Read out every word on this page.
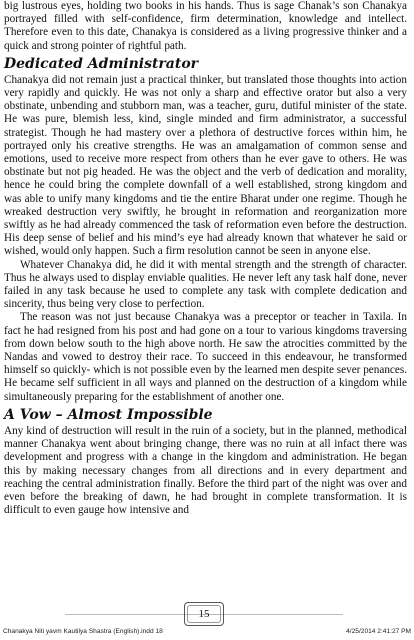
big lustrous eyes, holding two books in his hands. Thus is sage Chanak’s son Chanakya portrayed filled with self-confidence, firm determination, knowledge and intellect. Therefore even to this date, Chanakya is considered as a living progressive thinker and a quick and strong pointer of rightful path.

Dedicated Administrator

Chanakya did not remain just a practical thinker, but translated those thoughts into action very rapidly and quickly. He was not only a sharp and effective orator but also a very obstinate, unbending and stubborn man, was a teacher, guru, dutiful minister of the state. He was pure, blemish less, kind, single minded and firm administrator, a successful strategist. Though he had mastery over a plethora of destructive forces within him, he portrayed only his creative strengths. He was an amalgamation of common sense and emotions, used to receive more respect from others than he ever gave to others. He was obstinate but not pig headed. He was the object and the verb of dedication and morality, hence he could bring the complete downfall of a well established, strong kingdom and was able to unify many kingdoms and tie the entire Bharat under one regime. Though he wreaked destruction very swiftly, he brought in reformation and reorganization more swiftly as he had already commenced the task of reformation even before the destruction. His deep sense of belief and his mind’s eye had already known that whatever he said or wished, would only happen. Such a firm resolution cannot be seen in anyone else.

Whatever Chanakya did, he did it with mental strength and the strength of character. Thus he always used to display enviable qualities. He never left any task half done, never failed in any task because he used to complete any task with complete dedication and sincerity, thus being very close to perfection.

The reason was not just because Chanakya was a preceptor or teacher in Taxila. In fact he had resigned from his post and had gone on a tour to various kingdoms traversing from down below south to the high above north. He saw the atrocities committed by the Nandas and vowed to destroy their race. To succeed in this endeavour, he transformed himself so quickly- which is not possible even by the learned men despite sever penances. He became self sufficient in all ways and planned on the destruction of a kingdom while simultaneously preparing for the establishment of another one.

A Vow – Almost Impossible

Any kind of destruction will result in the ruin of a society, but in the planned, methodical manner Chanakya went about bringing change, there was no ruin at all infact there was development and progress with a change in the kingdom and administration. He began this by making necessary changes from all directions and in every department and reaching the central administration finally. Before the third part of the night was over and even before the breaking of dawn, he had brought in complete transformation. It is difficult to even gauge how intensive and

15
Chanakya Niti yavm Kautilya Shastra (English).indd 18	4/25/2014 2:41:27 PM
